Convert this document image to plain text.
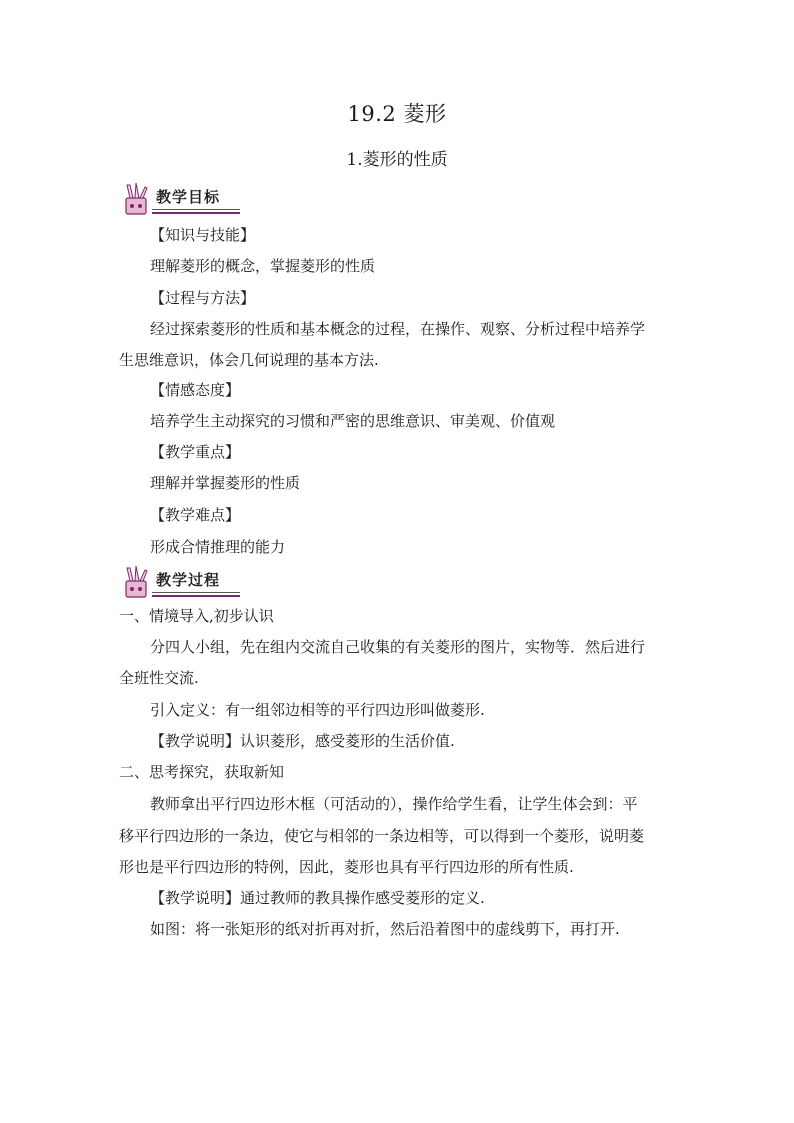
19.2 菱形
1.菱形的性质
教学目标
【知识与技能】
理解菱形的概念，掌握菱形的性质
【过程与方法】
经过探索菱形的性质和基本概念的过程，在操作、观察、分析过程中培养学
生思维意识，体会几何说理的基本方法.
【情感态度】
培养学生主动探究的习惯和严密的思维意识、审美观、价值观
【教学重点】
理解并掌握菱形的性质
【教学难点】
形成合情推理的能力
教学过程
一、情境导入,初步认识
分四人小组，先在组内交流自己收集的有关菱形的图片，实物等．然后进行
全班性交流.
引入定义：有一组邻边相等的平行四边形叫做菱形.
【教学说明】认识菱形，感受菱形的生活价值.
二、思考探究，获取新知
教师拿出平行四边形木框（可活动的），操作给学生看，让学生体会到：平
移平行四边形的一条边，使它与相邻的一条边相等，可以得到一个菱形，说明菱
形也是平行四边形的特例，因此，菱形也具有平行四边形的所有性质.
【教学说明】通过教师的教具操作感受菱形的定义.
如图：将一张矩形的纸对折再对折，然后沿着图中的虚线剪下，再打开.
